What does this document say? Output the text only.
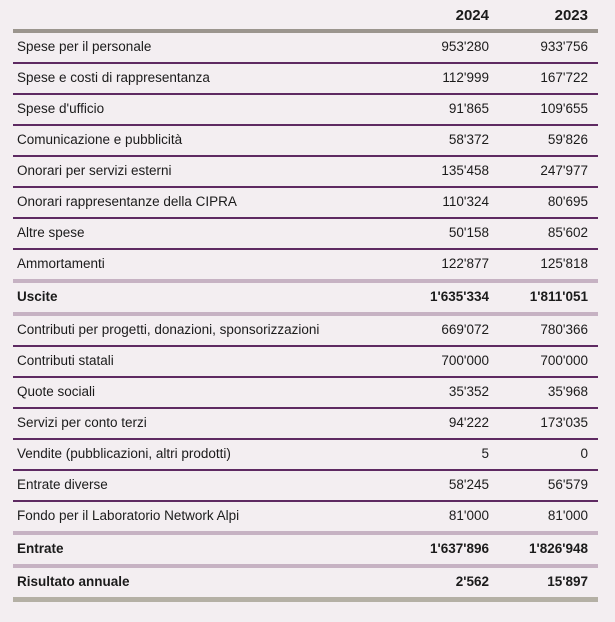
	2024	2023
Spese per il personale	953'280	933'756
Spese e costi di rappresentanza	112'999	167'722
Spese d'ufficio	91'865	109'655
Comunicazione e pubblicità	58'372	59'826
Onorari per servizi esterni	135'458	247'977
Onorari rappresentanze della CIPRA	110'324	80'695
Altre spese	50'158	85'602
Ammortamenti	122'877	125'818
Uscite	1'635'334	1'811'051
Contributi per progetti, donazioni, sponsorizzazioni	669'072	780'366
Contributi statali	700'000	700'000
Quote sociali	35'352	35'968
Servizi per conto terzi	94'222	173'035
Vendite (pubblicazioni, altri prodotti)	5	0
Entrate diverse	58'245	56'579
Fondo per il Laboratorio Network Alpi	81'000	81'000
Entrate	1'637'896	1'826'948
Risultato annuale	2'562	15'897
